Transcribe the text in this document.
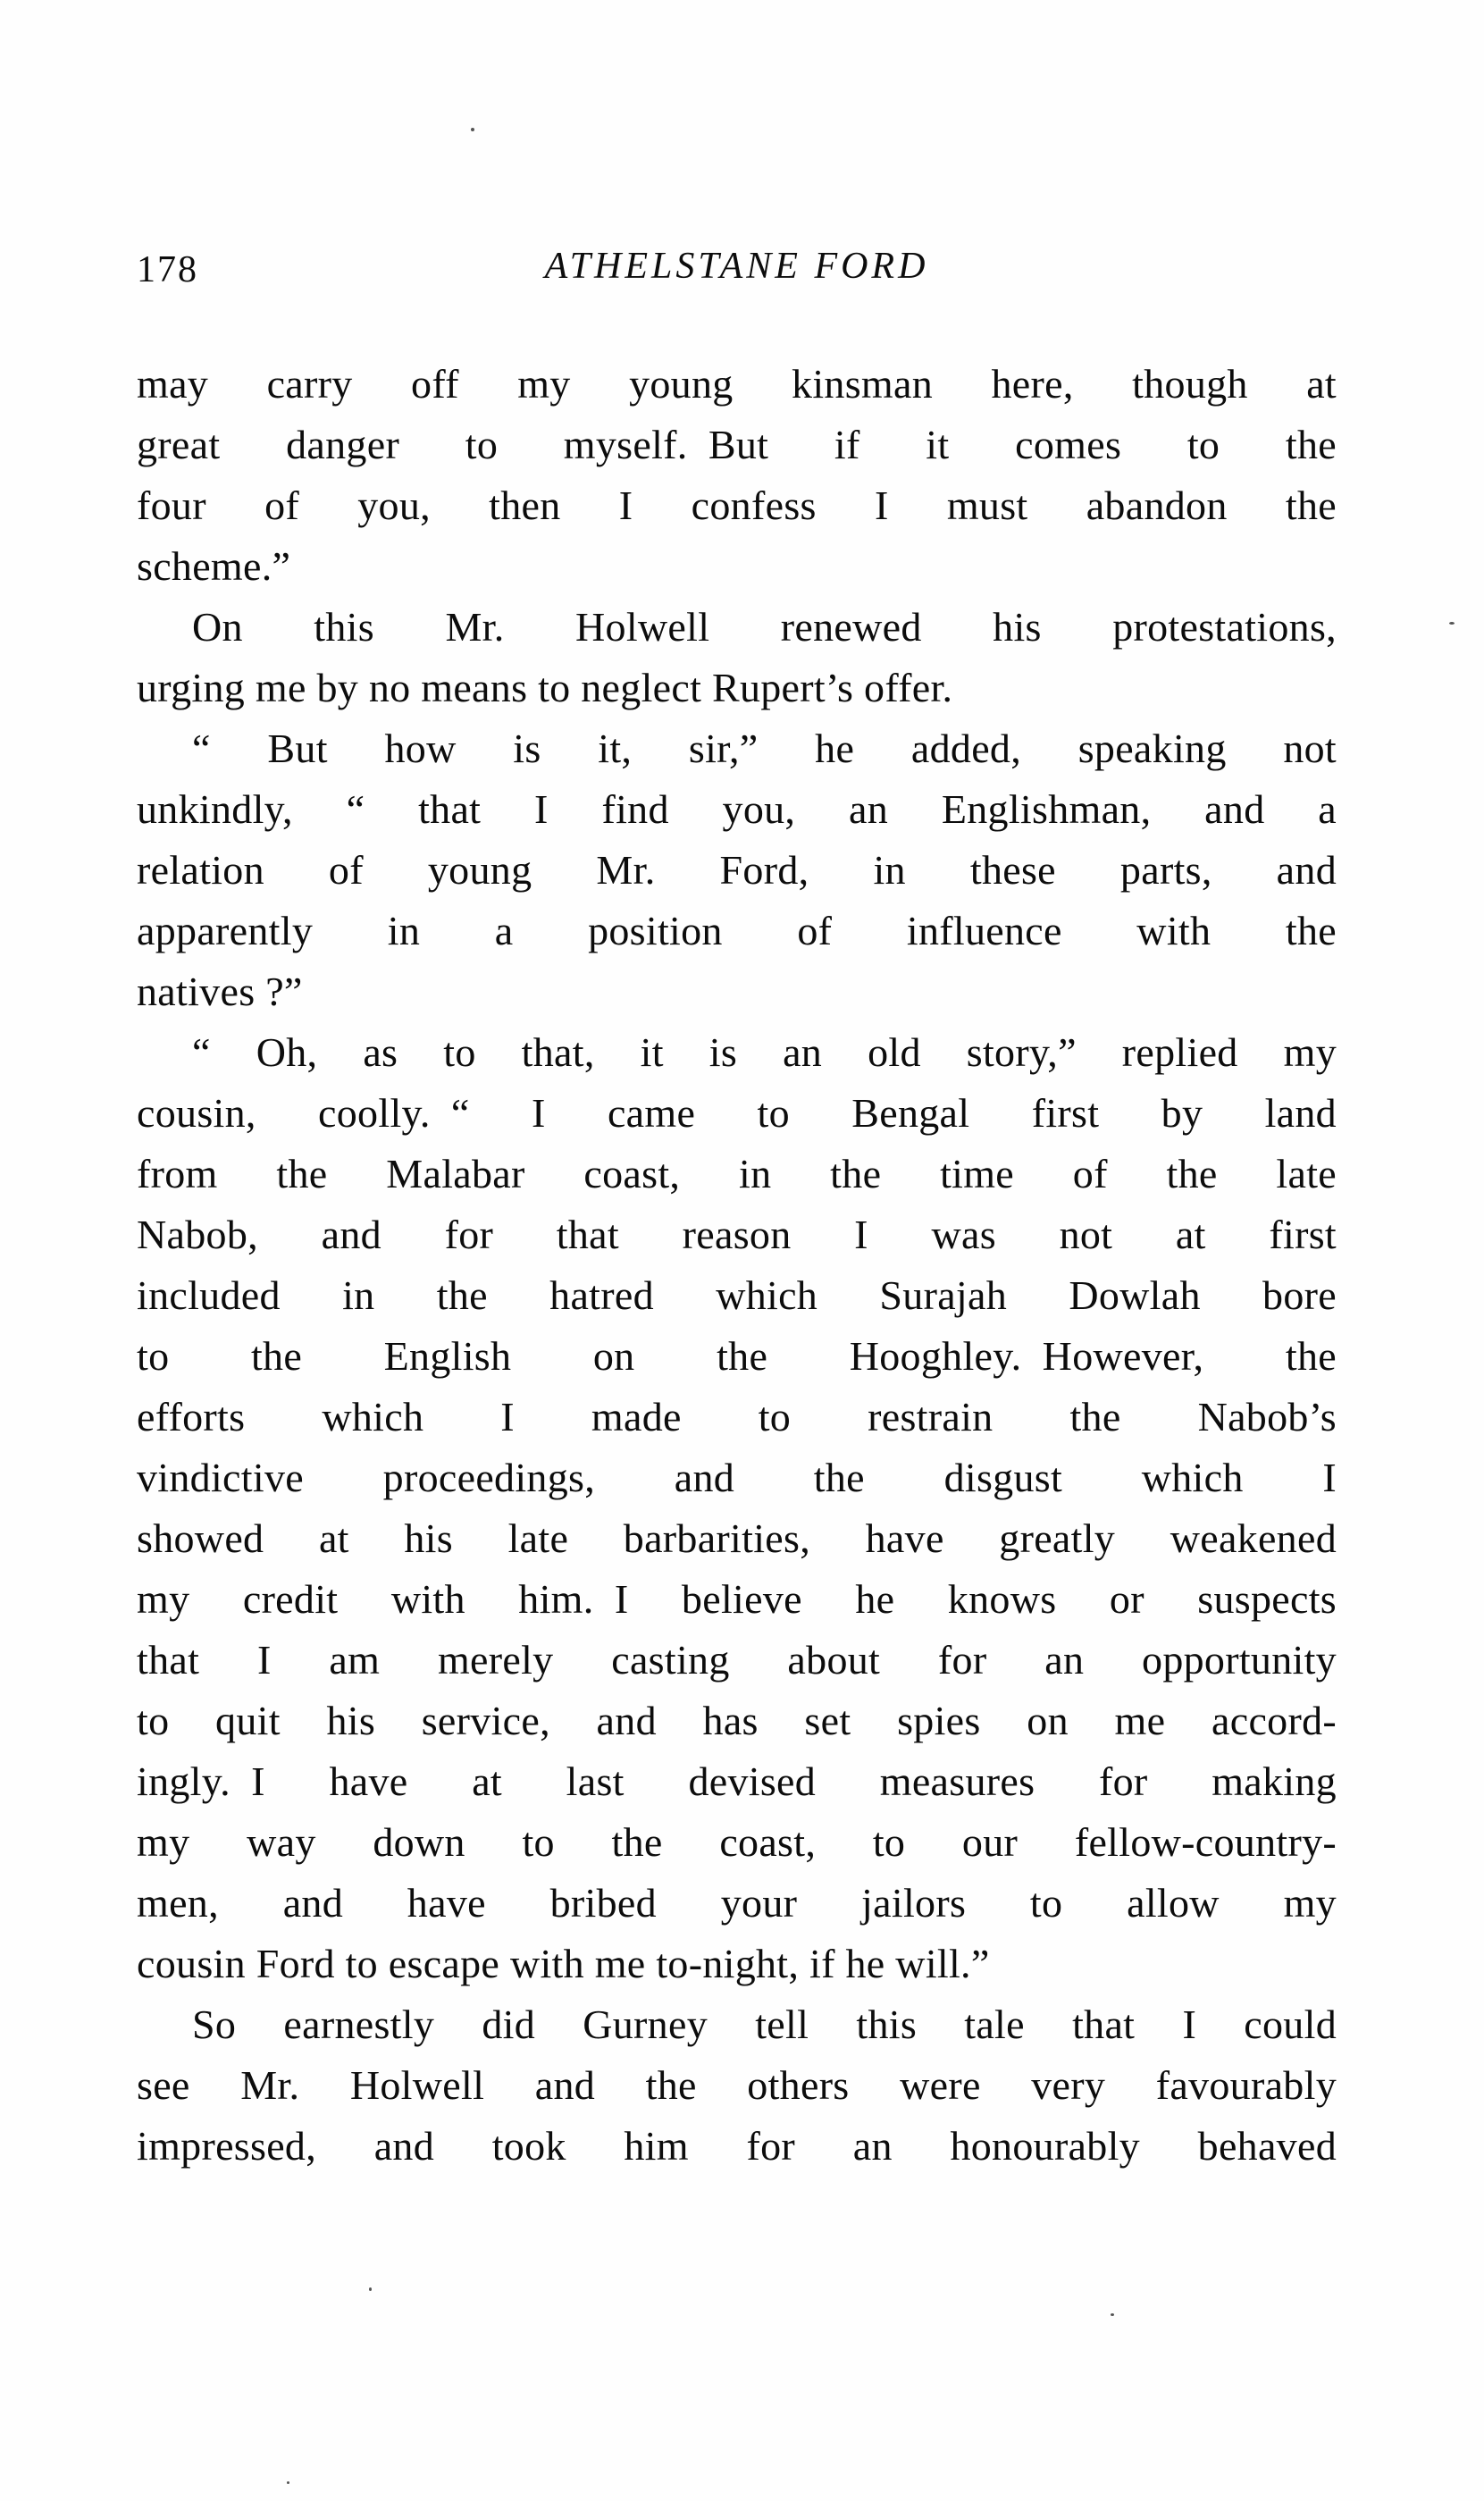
178	ATHELSTANE FORD
may carry off my young kinsman here, though at
great danger to myself. But if it comes to the
four of you, then I confess I must abandon the
scheme.”
On this Mr. Holwell renewed his protestations,
urging me by no means to neglect Rupert’s offer.
“ But how is it, sir,” he added, speaking not
unkindly, “ that I find you, an Englishman, and a
relation of young Mr. Ford, in these parts, and
apparently in a position of influence with the
natives ?”
“ Oh, as to that, it is an old story,” replied my
cousin, coolly. “ I came to Bengal first by land
from the Malabar coast, in the time of the late
Nabob, and for that reason I was not at first
included in the hatred which Surajah Dowlah bore
to the English on the Hooghley. However, the
efforts which I made to restrain the Nabob’s
vindictive proceedings, and the disgust which I
showed at his late barbarities, have greatly weakened
my credit with him. I believe he knows or suspects
that I am merely casting about for an opportunity
to quit his service, and has set spies on me accord-
ingly. I have at last devised measures for making
my way down to the coast, to our fellow-country-
men, and have bribed your jailors to allow my
cousin Ford to escape with me to-night, if he will.”
So earnestly did Gurney tell this tale that I could
see Mr. Holwell and the others were very favourably
impressed, and took him for an honourably behaved
